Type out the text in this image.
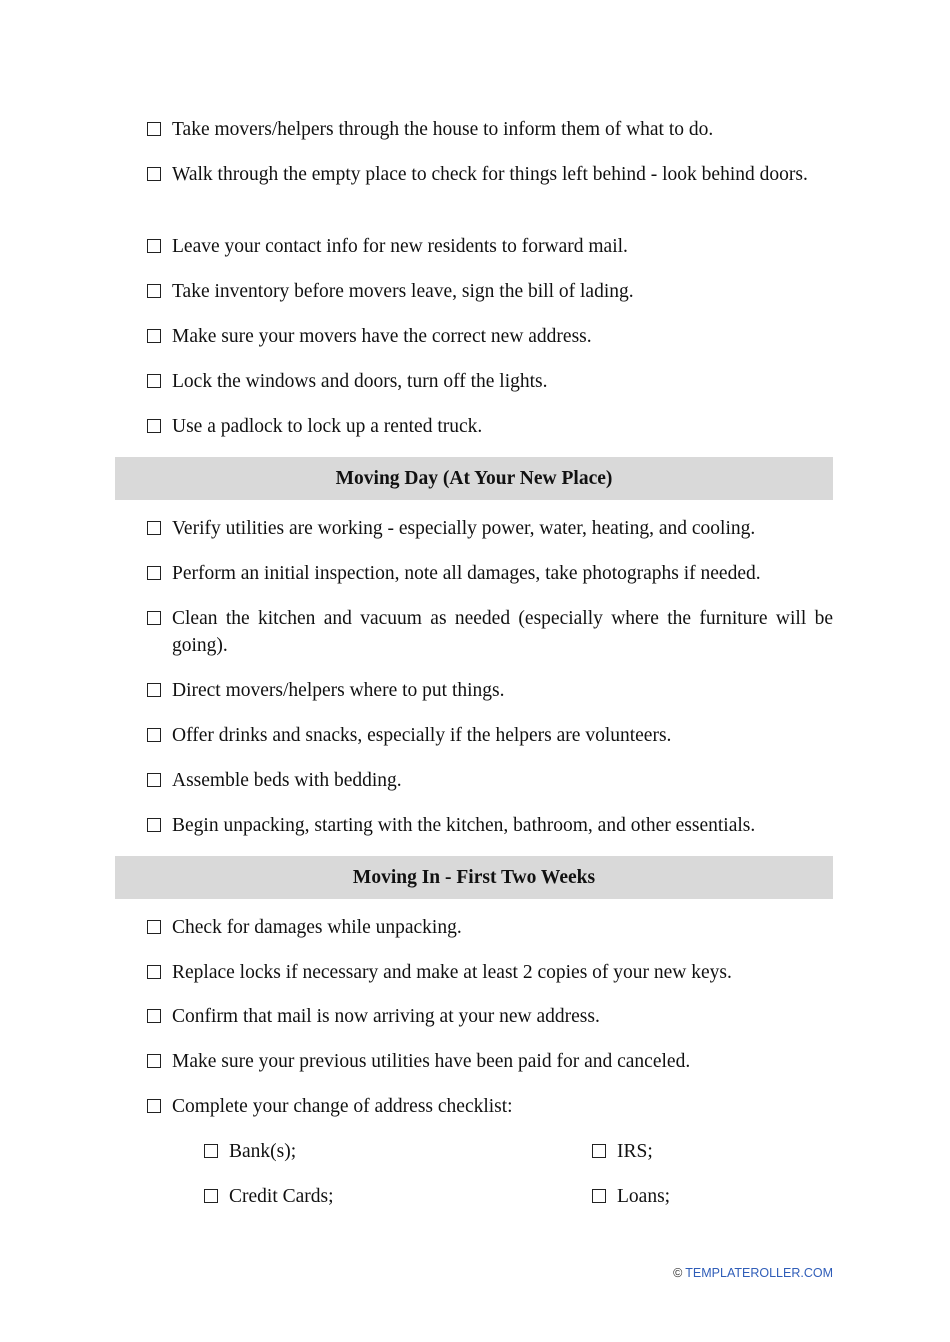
Take movers/helpers through the house to inform them of what to do.
Walk through the empty place to check for things left behind - look behind doors.
Leave your contact info for new residents to forward mail.
Take inventory before movers leave, sign the bill of lading.
Make sure your movers have the correct new address.
Lock the windows and doors, turn off the lights.
Use a padlock to lock up a rented truck.
Moving Day (At Your New Place)
Verify utilities are working - especially power, water, heating, and cooling.
Perform an initial inspection, note all damages, take photographs if needed.
Clean the kitchen and vacuum as needed (especially where the furniture will be going).
Direct movers/helpers where to put things.
Offer drinks and snacks, especially if the helpers are volunteers.
Assemble beds with bedding.
Begin unpacking, starting with the kitchen, bathroom, and other essentials.
Moving In - First Two Weeks
Check for damages while unpacking.
Replace locks if necessary and make at least 2 copies of your new keys.
Confirm that mail is now arriving at your new address.
Make sure your previous utilities have been paid for and canceled.
Complete your change of address checklist:
Bank(s);	IRS;
Credit Cards;	Loans;
© TEMPLATEROLLER.COM
